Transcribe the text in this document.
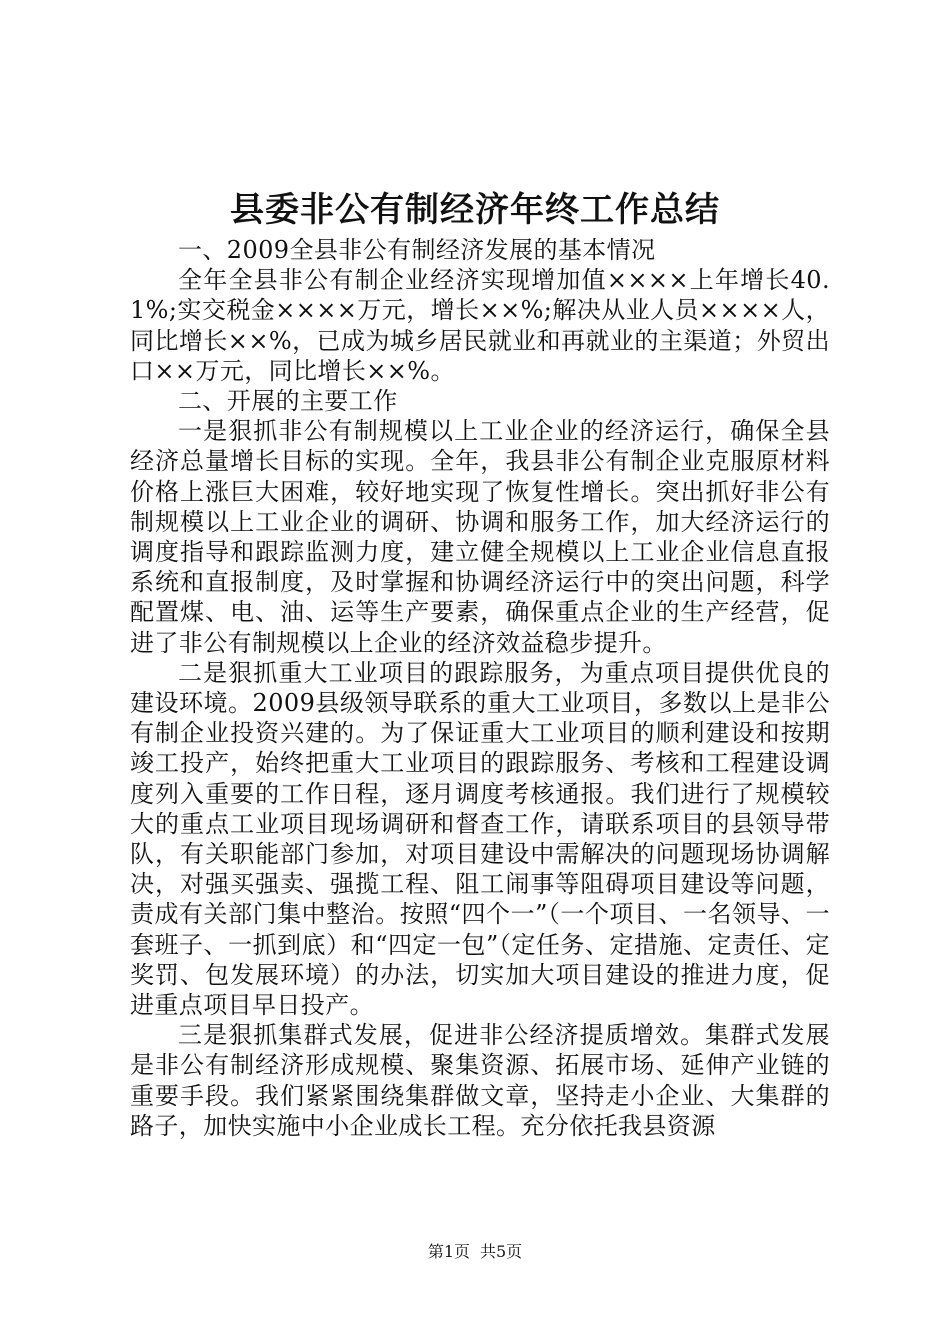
县委非公有制经济年终工作总结

一、2009全县非公有制经济发展的基本情况

全年全县非公有制企业经济实现增加值××××上年增长40.1%;实交税金××××万元，增长××%;解决从业人员××××人，同比增长××%，已成为城乡居民就业和再就业的主渠道；外贸出口××万元，同比增长××%。

二、开展的主要工作

一是狠抓非公有制规模以上工业企业的经济运行，确保全县经济总量增长目标的实现。全年，我县非公有制企业克服原材料价格上涨巨大困难，较好地实现了恢复性增长。突出抓好非公有制规模以上工业企业的调研、协调和服务工作，加大经济运行的调度指导和跟踪监测力度，建立健全规模以上工业企业信息直报系统和直报制度，及时掌握和协调经济运行中的突出问题，科学配置煤、电、油、运等生产要素，确保重点企业的生产经营，促进了非公有制规模以上企业的经济效益稳步提升。

二是狠抓重大工业项目的跟踪服务，为重点项目提供优良的建设环境。2009县级领导联系的重大工业项目，多数以上是非公有制企业投资兴建的。为了保证重大工业项目的顺利建设和按期竣工投产，始终把重大工业项目的跟踪服务、考核和工程建设调度列入重要的工作日程，逐月调度考核通报。我们进行了规模较大的重点工业项目现场调研和督查工作，请联系项目的县领导带队，有关职能部门参加，对项目建设中需解决的问题现场协调解决，对强买强卖、强揽工程、阻工闹事等阻碍项目建设等问题，责成有关部门集中整治。按照“四个一”（一个项目、一名领导、一套班子、一抓到底）和“四定一包”（定任务、定措施、定责任、定奖罚、包发展环境）的办法，切实加大项目建设的推进力度，促进重点项目早日投产。

三是狠抓集群式发展，促进非公经济提质增效。集群式发展是非公有制经济形成规模、聚集资源、拓展市场、延伸产业链的重要手段。我们紧紧围绕集群做文章，坚持走小企业、大集群的路子，加快实施中小企业成长工程。充分依托我县资源

第1页 共5页
